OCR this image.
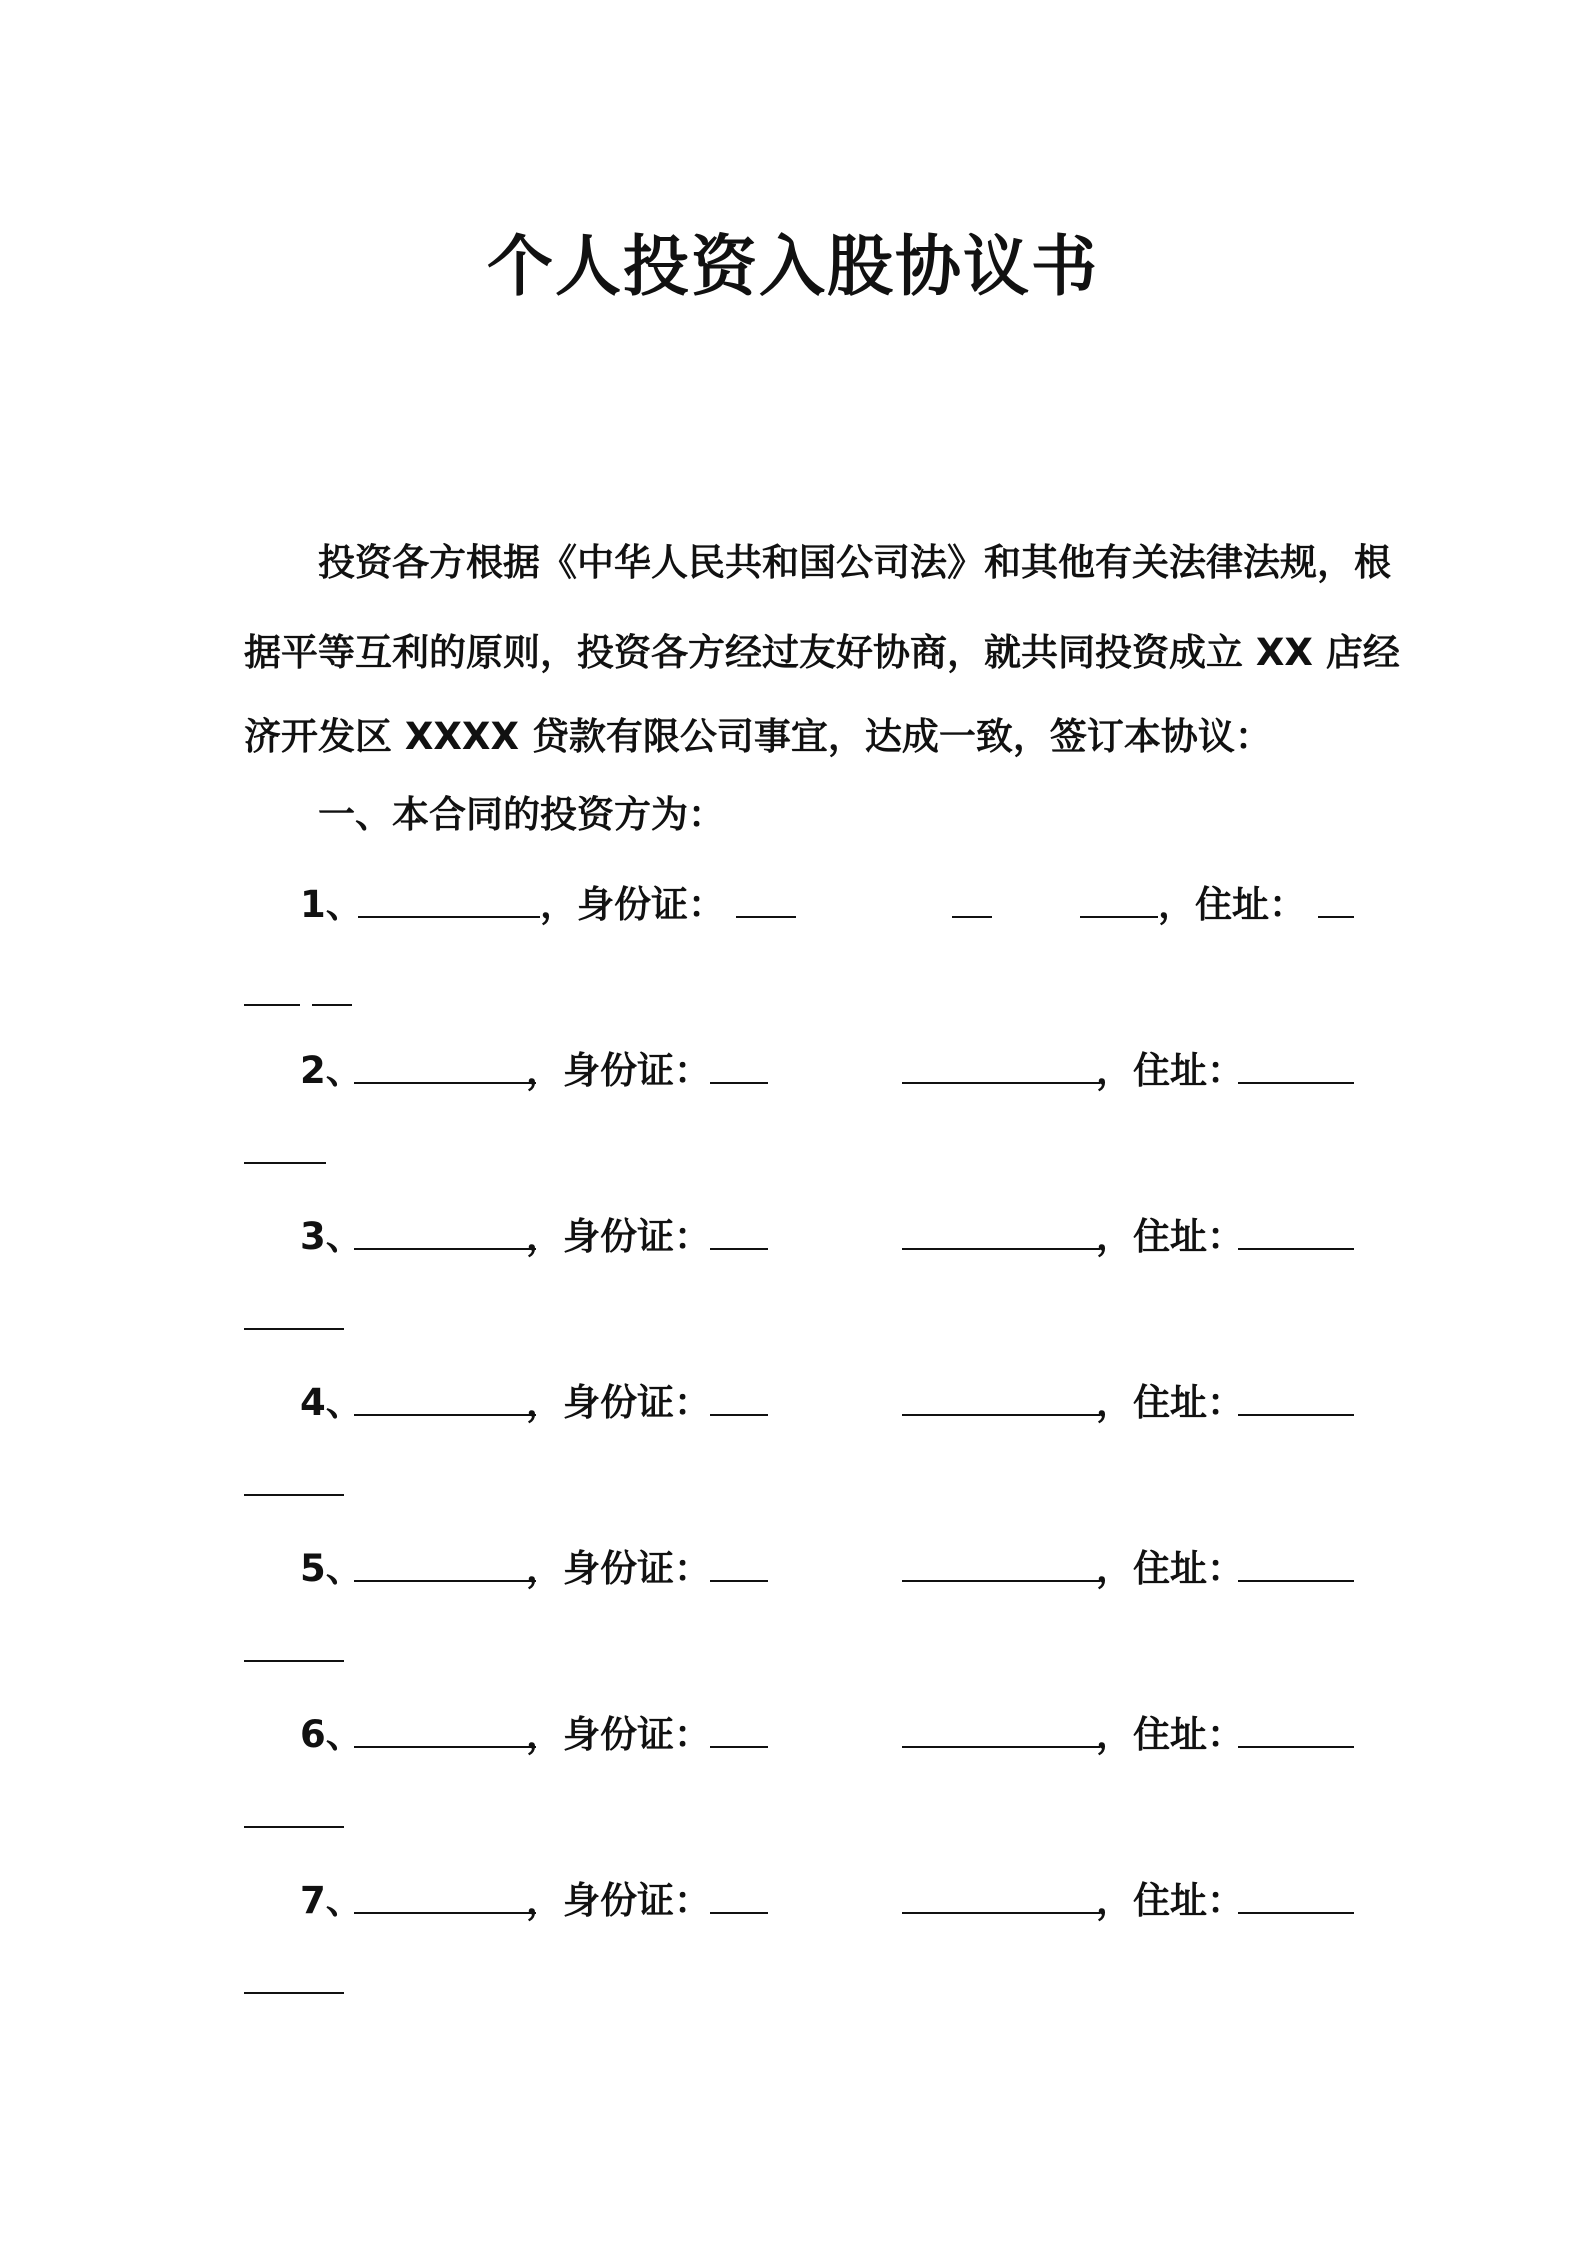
个人投资入股协议书
投资各方根据《中华人民共和国公司法》和其他有关法律法规，根
据平等互利的原则，投资各方经过友好协商，就共同投资成立 XX 店经
济开发区 XXXX 贷款有限公司事宜，达成一致，签订本协议：
一、本合同的投资方为：
1、	，身份证：	，住址：
2、	，身份证：	，住址：
3、	，身份证：	，住址：
4、	，身份证：	，住址：
5、	，身份证：	，住址：
6、	，身份证：	，住址：
7、	，身份证：	，住址：
